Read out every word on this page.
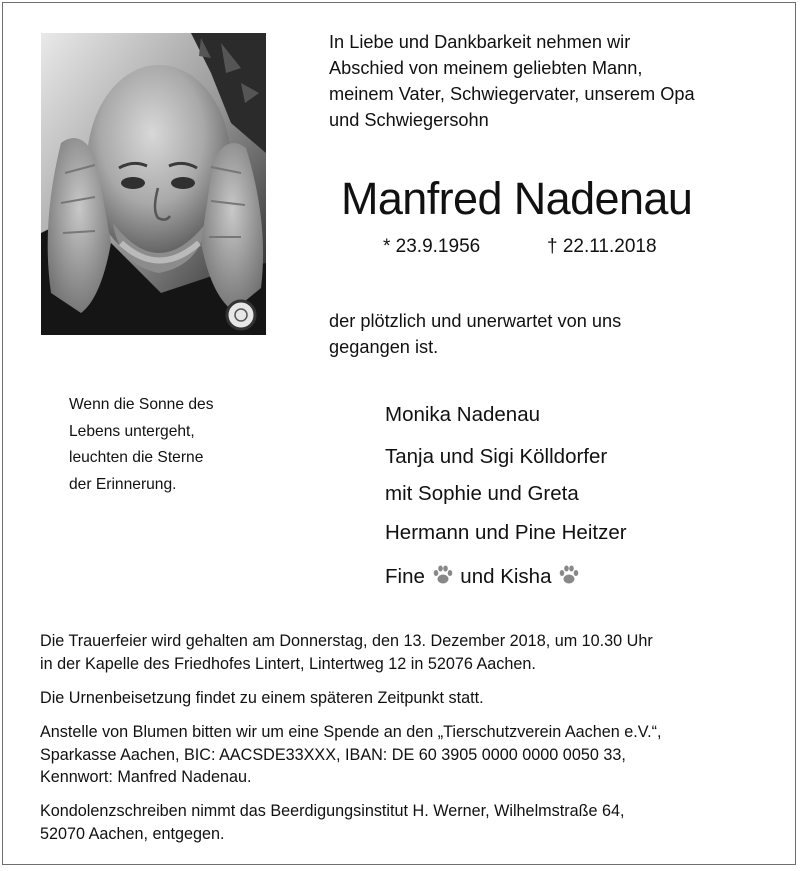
In Liebe und Dankbarkeit nehmen wir
Abschied von meinem geliebten Mann,
meinem Vater, Schwiegervater, unserem Opa
und Schwiegersohn

Manfred Nadenau
* 23.9.1956	† 22.11.2018

der plötzlich und unerwartet von uns
gegangen ist.

Wenn die Sonne des
Lebens untergeht,
leuchten die Sterne
der Erinnerung.

Monika Nadenau
Tanja und Sigi Kölldorfer
mit Sophie und Greta
Hermann und Pine Heitzer
Fine und Kisha

Die Trauerfeier wird gehalten am Donnerstag, den 13. Dezember 2018, um 10.30 Uhr
in der Kapelle des Friedhofes Lintert, Lintertweg 12 in 52076 Aachen.

Die Urnenbeisetzung findet zu einem späteren Zeitpunkt statt.

Anstelle von Blumen bitten wir um eine Spende an den „Tierschutzverein Aachen e.V.“,
Sparkasse Aachen, BIC: AACSDE33XXX, IBAN: DE 60 3905 0000 0000 0050 33,
Kennwort: Manfred Nadenau.

Kondolenzschreiben nimmt das Beerdigungsinstitut H. Werner, Wilhelmstraße 64,
52070 Aachen, entgegen.
